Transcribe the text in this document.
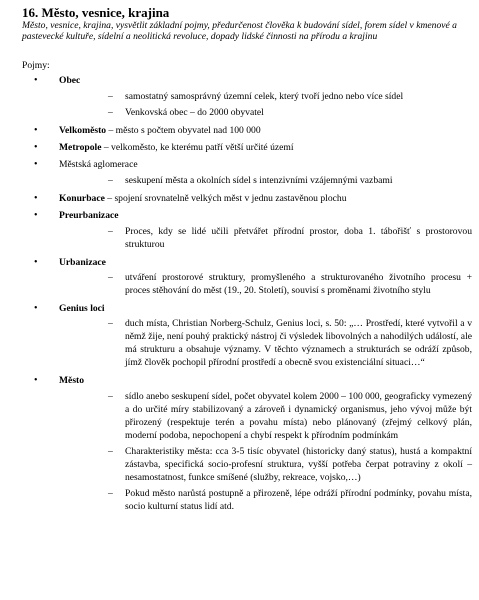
16. Město, vesnice, krajina

Město, vesnice, krajina, vysvětlit základní pojmy, předurčenost člověka k budování sídel, forem sídel v kmenové a pastevecké kultuře, sídelní a neolitická revoluce, dopady lidské činnosti na přírodu a krajinu

Pojmy:

• Obec
– samostatný samosprávný územní celek, který tvoří jedno nebo více sídel
– Venkovská obec – do 2000 obyvatel
• Velkoměsto – město s počtem obyvatel nad 100 000
• Metropole – velkoměsto, ke kterému patří větší určité území
• Městská aglomerace
– seskupení města a okolních sídel s intenzivními vzájemnými vazbami
• Konurbace – spojení srovnatelně velkých měst v jednu zastavěnou plochu
• Preurbanizace
– Proces, kdy se lidé učili přetvářet přírodní prostor, doba 1. tábořišť s prostorovou strukturou
• Urbanizace
– utváření prostorové struktury, promyšleného a strukturovaného životního procesu + proces stěhování do měst (19., 20. Století), souvisí s proměnami životního stylu
• Genius loci
– duch místa, Christian Norberg-Schulz, Genius loci, s. 50: „… Prostředí, které vytvořil a v němž žije, není pouhý praktický nástroj či výsledek libovolných a nahodilých událostí, ale má strukturu a obsahuje významy. V těchto významech a strukturách se odráží způsob, jímž člověk pochopil přírodní prostředí a obecně svou existenciální situaci…“
• Město
– sídlo anebo seskupení sídel, počet obyvatel kolem 2000 – 100 000, geograficky vymezený a do určité míry stabilizovaný a zároveň i dynamický organismus, jeho vývoj může být přirozený (respektuje terén a povahu místa) nebo plánovaný (zřejmý celkový plán, moderní podoba, nepochopení a chybí respekt k přírodním podmínkám
– Charakteristiky města: cca 3-5 tisíc obyvatel (historicky daný status), hustá a kompaktní zástavba, specifická socio-profesní struktura, vyšší potřeba čerpat potraviny z okolí – nesamostatnost, funkce smíšené (služby, rekreace, vojsko,…)
– Pokud město narůstá postupně a přirozeně, lépe odráží přírodní podmínky, povahu místa, socio kulturní status lidí atd.
